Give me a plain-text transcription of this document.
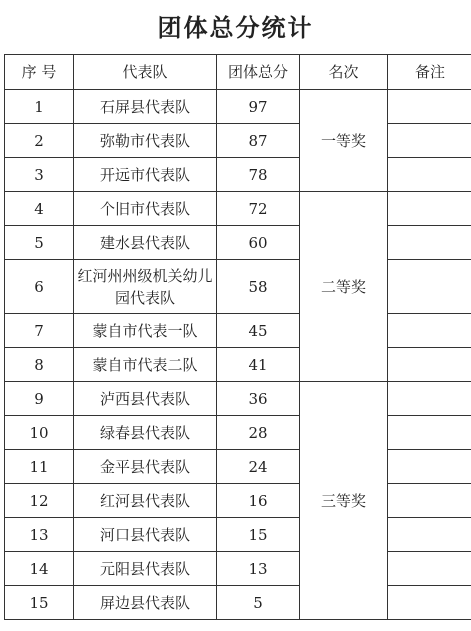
团体总分统计
序 号	代表队	团体总分	名次	备注
1	石屏县代表队	97	一等奖	
2	弥勒市代表队	87		
3	开远市代表队	78		
4	个旧市代表队	72	二等奖	
5	建水县代表队	60		
6	红河州州级机关幼儿园代表队	58		
7	蒙自市代表一队	45		
8	蒙自市代表二队	41		
9	泸西县代表队	36	三等奖	
10	绿春县代表队	28		
11	金平县代表队	24		
12	红河县代表队	16		
13	河口县代表队	15		
14	元阳县代表队	13		
15	屏边县代表队	5		
